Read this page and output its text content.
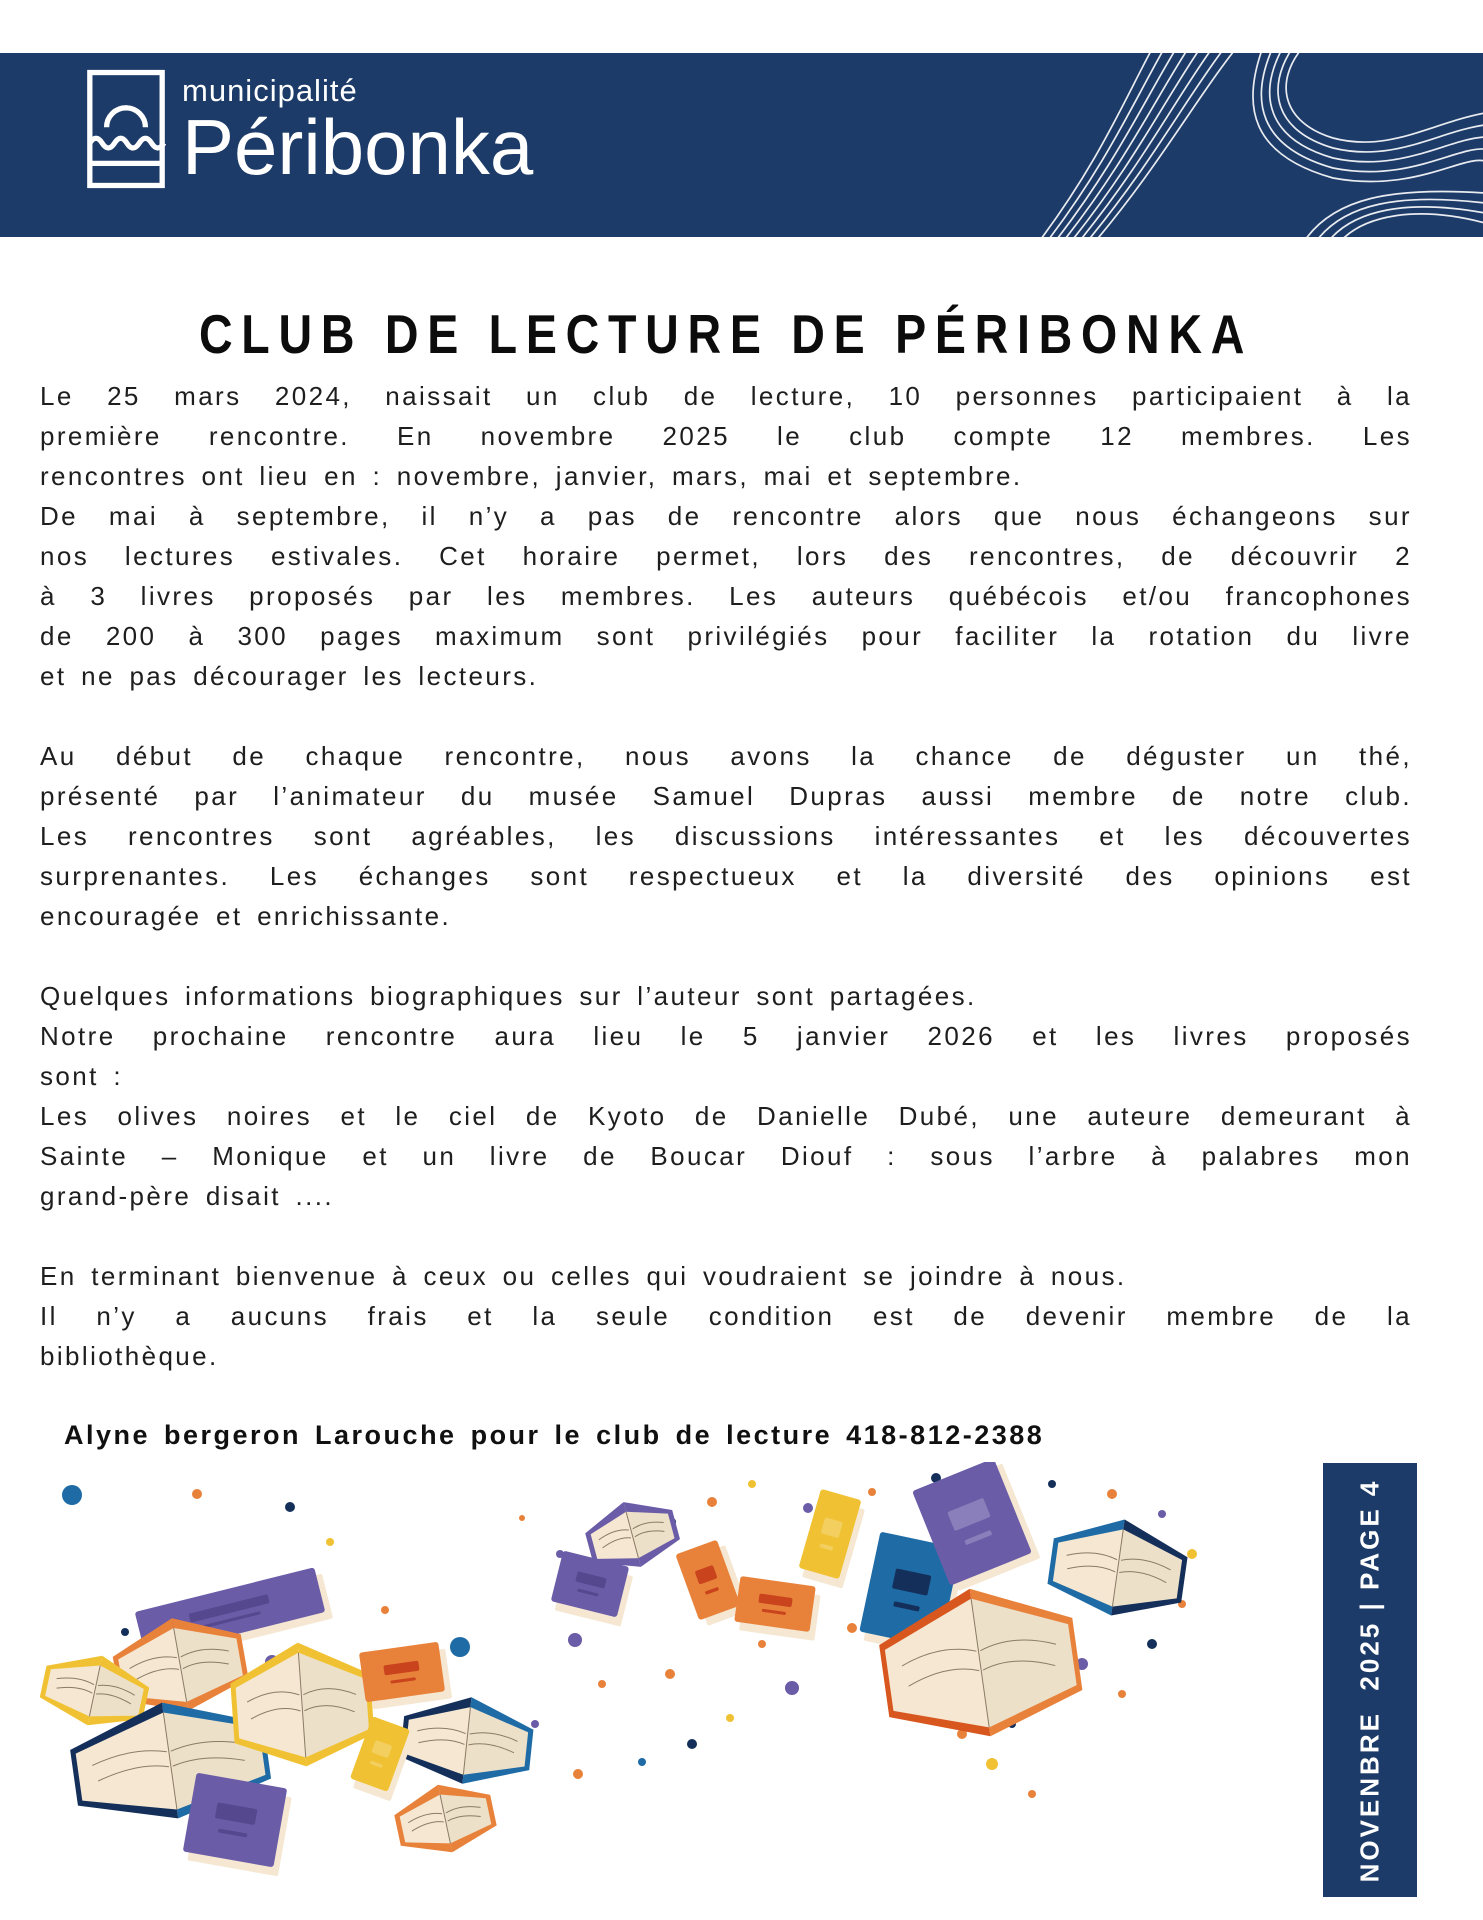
municipalité
Péribonka
CLUB DE LECTURE DE PÉRIBONKA
Le 25 mars 2024, naissait un club de lecture, 10 personnes participaient à la
première rencontre. En novembre 2025 le club compte 12 membres. Les
rencontres ont lieu en : novembre, janvier, mars, mai et septembre.
De mai à septembre, il n’y a pas de rencontre alors que nous échangeons sur
nos lectures estivales. Cet horaire permet, lors des rencontres, de découvrir 2
à 3 livres proposés par les membres. Les auteurs québécois et/ou francophones
de 200 à 300 pages maximum sont privilégiés pour faciliter la rotation du livre
et ne pas décourager les lecteurs.
Au début de chaque rencontre, nous avons la chance de déguster un thé,
présenté par l’animateur du musée Samuel Dupras aussi membre de notre club.
Les rencontres sont agréables, les discussions intéressantes et les découvertes
surprenantes. Les échanges sont respectueux et la diversité des opinions est
encouragée et enrichissante.
Quelques informations biographiques sur l’auteur sont partagées.
Notre prochaine rencontre aura lieu le 5 janvier 2026 et les livres proposés
sont :
Les olives noires et le ciel de Kyoto de Danielle Dubé, une auteure demeurant à
Sainte – Monique et un livre de Boucar Diouf : sous l’arbre à palabres mon
grand-père disait ....
En terminant bienvenue à ceux ou celles qui voudraient se joindre à nous.
Il n’y a aucuns frais et la seule condition est de devenir membre de la
bibliothèque.
Alyne bergeron Larouche pour le club de lecture 418-812-2388
NOVENBRE  2025 | PAGE 4
